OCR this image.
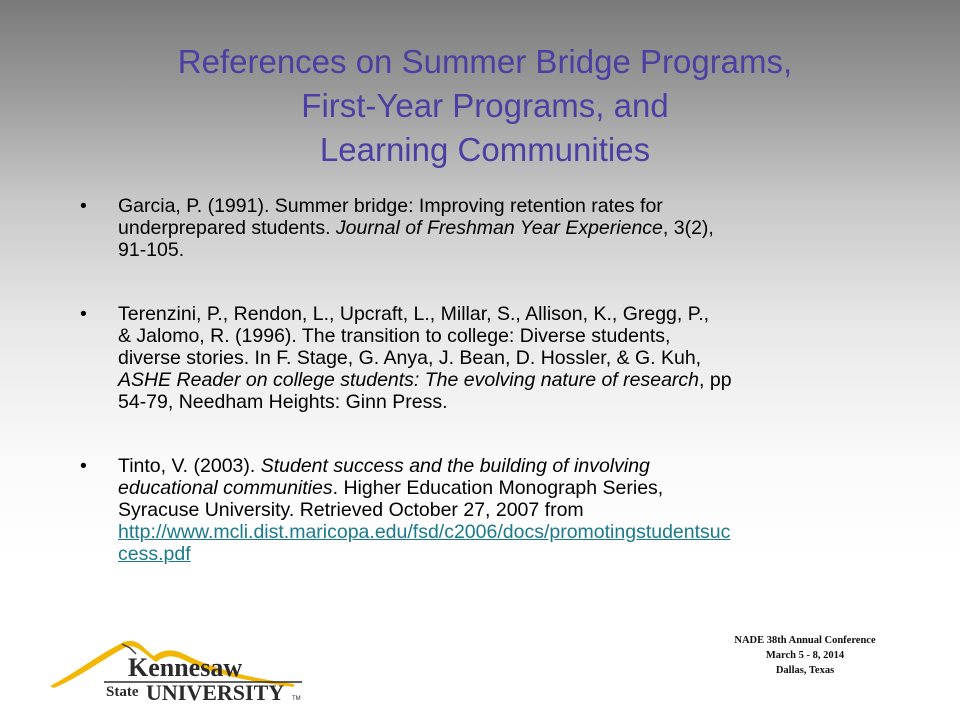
References on Summer Bridge Programs,
First-Year Programs, and
Learning Communities
• Garcia, P. (1991). Summer bridge: Improving retention rates for
underprepared students. Journal of Freshman Year Experience, 3(2),
91-105.
• Terenzini, P., Rendon, L., Upcraft, L., Millar, S., Allison, K., Gregg, P.,
& Jalomo, R. (1996). The transition to college: Diverse students,
diverse stories. In F. Stage, G. Anya, J. Bean, D. Hossler, & G. Kuh,
ASHE Reader on college students: The evolving nature of research, pp
54-79, Needham Heights: Ginn Press.
• Tinto, V. (2003). Student success and the building of involving
educational communities. Higher Education Monograph Series,
Syracuse University. Retrieved October 27, 2007 from
http://www.mcli.dist.maricopa.edu/fsd/c2006/docs/promotingstudentsuc
cess.pdf
NADE 38th Annual Conference
March 5 - 8, 2014
Dallas, Texas
Kennesaw
State UNIVERSITY TM
